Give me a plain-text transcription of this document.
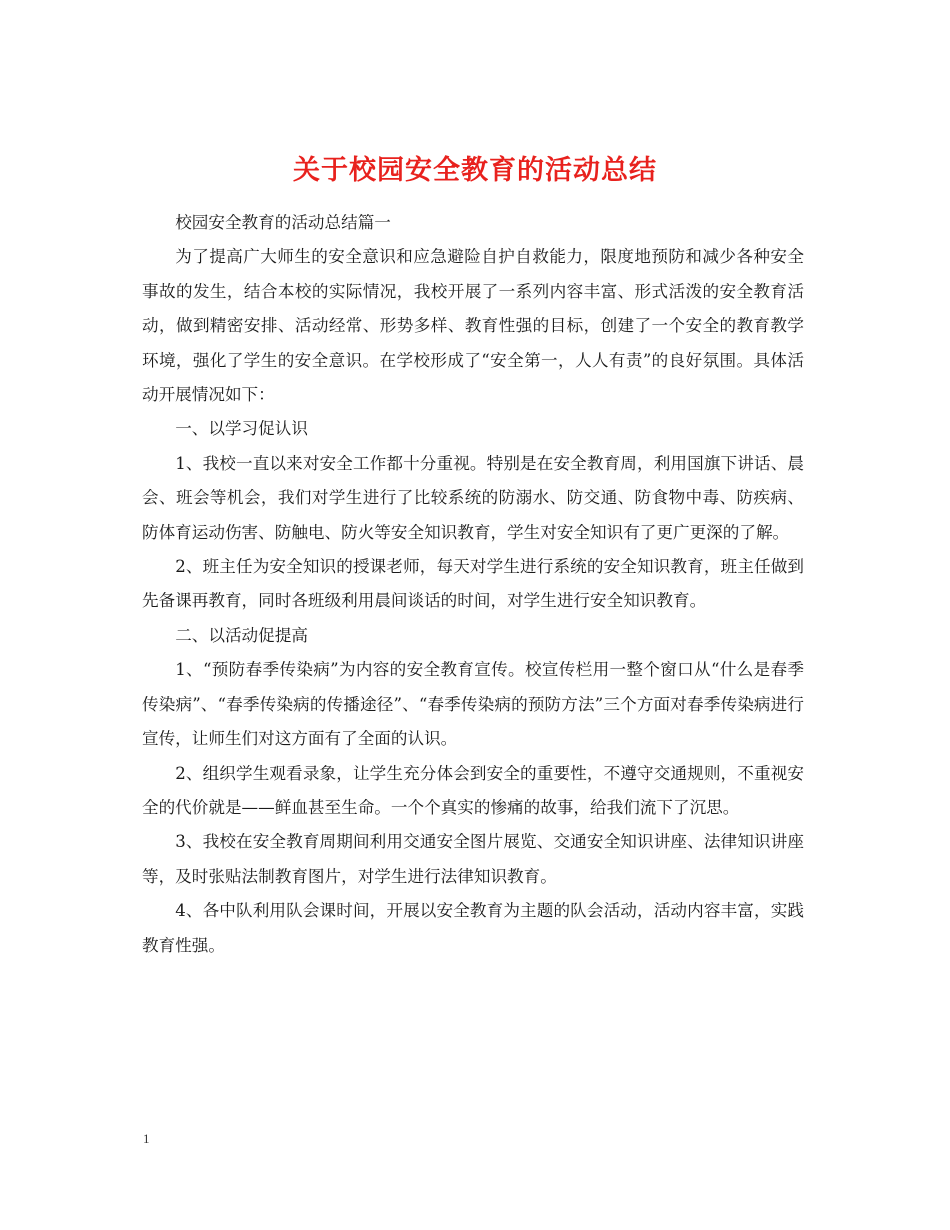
关于校园安全教育的活动总结

校园安全教育的活动总结篇一

为了提高广大师生的安全意识和应急避险自护自救能力，限度地预防和减少各种安全事故的发生，结合本校的实际情况，我校开展了一系列内容丰富、形式活泼的安全教育活动，做到精密安排、活动经常、形势多样、教育性强的目标，创建了一个安全的教育教学环境，强化了学生的安全意识。在学校形成了“安全第一，人人有责”的良好氛围。具体活动开展情况如下：

一、以学习促认识

1、我校一直以来对安全工作都十分重视。特别是在安全教育周，利用国旗下讲话、晨会、班会等机会，我们对学生进行了比较系统的防溺水、防交通、防食物中毒、防疾病、防体育运动伤害、防触电、防火等安全知识教育，学生对安全知识有了更广更深的了解。

2、班主任为安全知识的授课老师，每天对学生进行系统的安全知识教育，班主任做到先备课再教育，同时各班级利用晨间谈话的时间，对学生进行安全知识教育。

二、以活动促提高

1、“预防春季传染病”为内容的安全教育宣传。校宣传栏用一整个窗口从“什么是春季传染病”、“春季传染病的传播途径”、“春季传染病的预防方法”三个方面对春季传染病进行宣传，让师生们对这方面有了全面的认识。

2、组织学生观看录象，让学生充分体会到安全的重要性，不遵守交通规则，不重视安全的代价就是——鲜血甚至生命。一个个真实的惨痛的故事，给我们流下了沉思。

3、我校在安全教育周期间利用交通安全图片展览、交通安全知识讲座、法律知识讲座等，及时张贴法制教育图片，对学生进行法律知识教育。

4、各中队利用队会课时间，开展以安全教育为主题的队会活动，活动内容丰富，实践教育性强。

1
